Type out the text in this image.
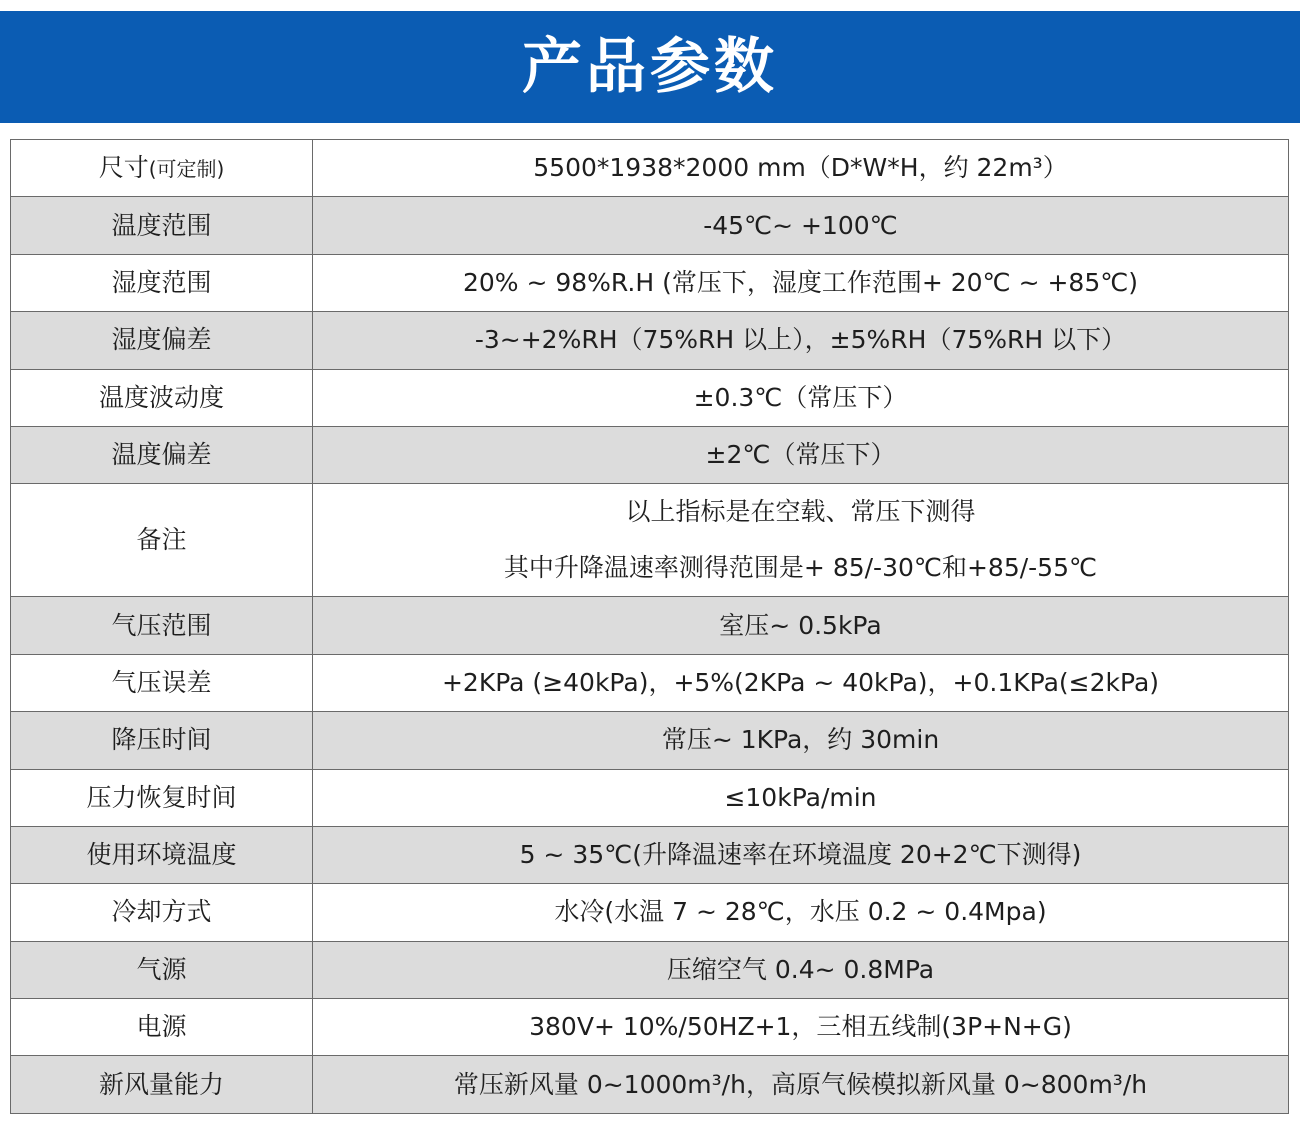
产品参数
尺寸(可定制)	5500*1938*2000 mm（D*W*H，约 22m³）
温度范围	-45℃~ +100℃
湿度范围	20% ~ 98%R.H (常压下，湿度工作范围+ 20℃ ~ +85℃)
湿度偏差	-3~+2%RH（75%RH 以上），±5%RH（75%RH 以下）
温度波动度	±0.3℃（常压下）
温度偏差	±2℃（常压下）
备注	以上指标是在空载、常压下测得
其中升降温速率测得范围是+ 85/-30℃和+85/-55℃

气压范围	室压~ 0.5kPa
气压误差	+2KPa (≥40kPa)，+5%(2KPa ~ 40kPa)，+0.1KPa(≤2kPa)
降压时间	常压~ 1KPa，约 30min
压力恢复时间	≤10kPa/min
使用环境温度	5 ~ 35℃(升降温速率在环境温度 20+2℃下测得)
冷却方式	水冷(水温 7 ~ 28℃，水压 0.2 ~ 0.4Mpa)
气源	压缩空气 0.4~ 0.8MPa
电源	380V+ 10%/50HZ+1，三相五线制(3P+N+G)
新风量能力	常压新风量 0~1000m³/h，高原气候模拟新风量 0~800m³/h
